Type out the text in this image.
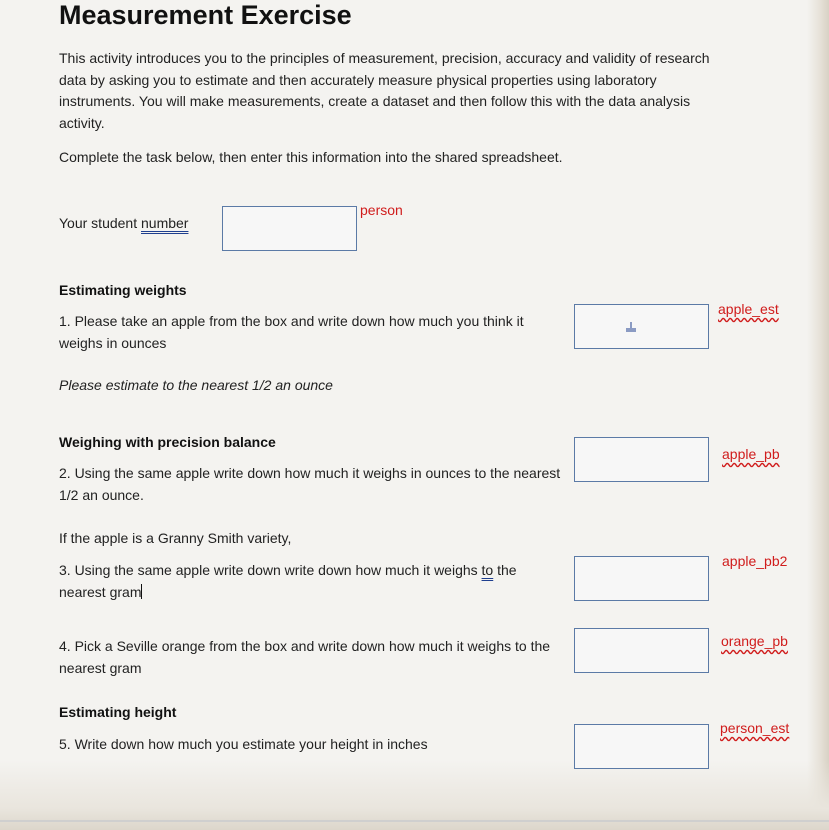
Measurement Exercise
This activity introduces you to the principles of measurement, precision, accuracy and validity of research data by asking you to estimate and then accurately measure physical properties using laboratory instruments. You will make measurements, create a dataset and then follow this with the data analysis activity.
Complete the task below, then enter this information into the shared spreadsheet.
Your student number
person
Estimating weights
1. Please take an apple from the box and write down how much you think it weighs in ounces
apple_est
Please estimate to the nearest 1/2 an ounce
Weighing with precision balance
2. Using the same apple write down how much it weighs in ounces to the nearest 1/2 an ounce.
apple_pb
If the apple is a Granny Smith variety,
3. Using the same apple write down write down how much it weighs to the nearest gram
apple_pb2
4. Pick a Seville orange from the box and write down how much it weighs to the nearest gram
orange_pb
Estimating height
5. Write down how much you estimate your height in inches
person_est
